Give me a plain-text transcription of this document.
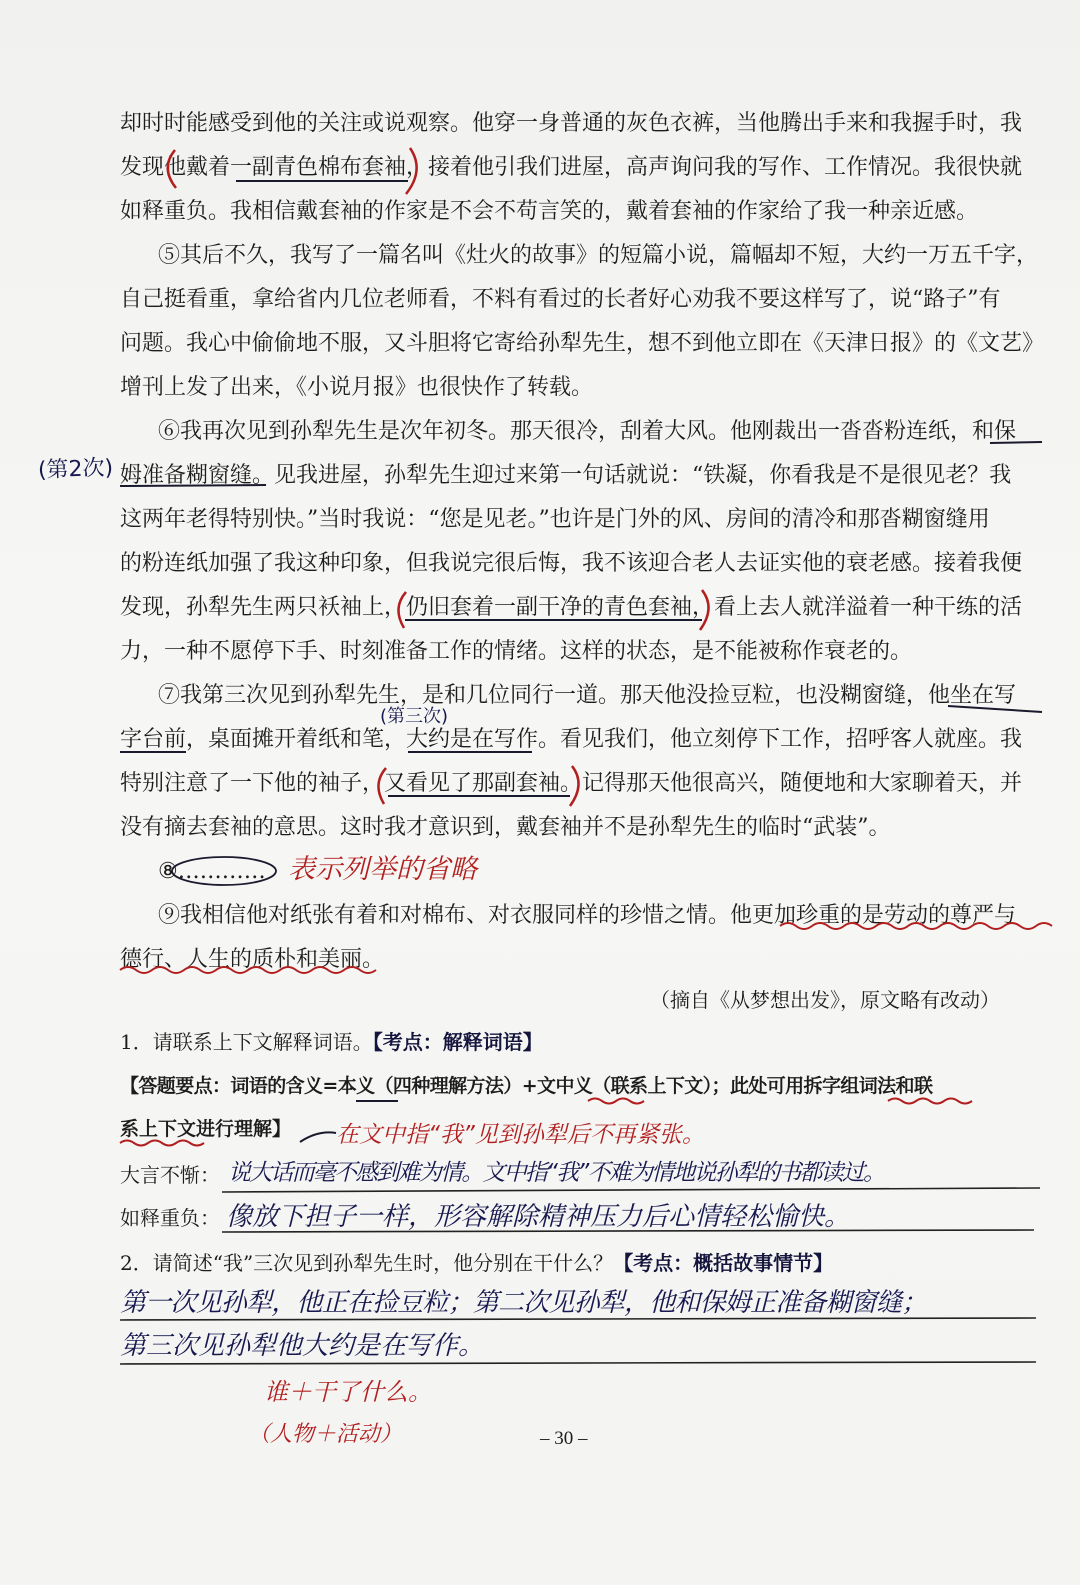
却时时能感受到他的关注或说观察。他穿一身普通的灰色衣裤，当他腾出手来和我握手时，我
发现他戴着一副青色棉布套袖，接着他引我们进屋，高声询问我的写作、工作情况。我很快就
如释重负。我相信戴套袖的作家是不会不苟言笑的，戴着套袖的作家给了我一种亲近感。
⑤其后不久，我写了一篇名叫《灶火的故事》的短篇小说，篇幅却不短，大约一万五千字，
自己挺看重，拿给省内几位老师看，不料有看过的长者好心劝我不要这样写了，说“路子”有
问题。我心中偷偷地不服，又斗胆将它寄给孙犁先生，想不到他立即在《天津日报》的《文艺》
增刊上发了出来，《小说月报》也很快作了转载。
⑥我再次见到孙犁先生是次年初冬。那天很冷，刮着大风。他刚裁出一沓沓粉连纸，和保
姆准备糊窗缝。见我进屋，孙犁先生迎过来第一句话就说：“铁凝，你看我是不是很见老？我
这两年老得特别快。”当时我说：“您是见老。”也许是门外的风、房间的清冷和那沓糊窗缝用
的粉连纸加强了我这种印象，但我说完很后悔，我不该迎合老人去证实他的衰老感。接着我便
发现，孙犁先生两只袄袖上，仍旧套着一副干净的青色套袖，看上去人就洋溢着一种干练的活
力，一种不愿停下手、时刻准备工作的情绪。这样的状态，是不能被称作衰老的。
⑦我第三次见到孙犁先生，是和几位同行一道。那天他没捡豆粒，也没糊窗缝，他坐在写
字台前，桌面摊开着纸和笔，大约是在写作。看见我们，他立刻停下工作，招呼客人就座。我
特别注意了一下他的袖子，又看见了那副套袖。记得那天他很高兴，随便地和大家聊着天，并
没有摘去套袖的意思。这时我才意识到，戴套袖并不是孙犁先生的临时“武装”。
⑧…………
⑨我相信他对纸张有着和对棉布、对衣服同样的珍惜之情。他更加珍重的是劳动的尊严与
德行、人生的质朴和美丽。
（摘自《从梦想出发》，原文略有改动）
1．请联系上下文解释词语。【考点：解释词语】
【答题要点：词语的含义=本义（四种理解方法）+文中义（联系上下文）；此处可用拆字组词法和联
系上下文进行理解】
大言不惭：
如释重负：
2．请简述“我”三次见到孙犁先生时，他分别在干什么？【考点：概括故事情节】
(第2次)
(第三次)
表示列举的省略
在文中指“我”见到孙犁后不再紧张。
说大话而毫不感到难为情。文中指“我”不难为情地说孙犁的书都读过。
像放下担子一样，形容解除精神压力后心情轻松愉快。
第一次见孙犁，他正在捡豆粒；第二次见孙犁，他和保姆正准备糊窗缝；
第三次见孙犁他大约是在写作。
谁＋干了什么。
（人物＋活动）	– 30 –
